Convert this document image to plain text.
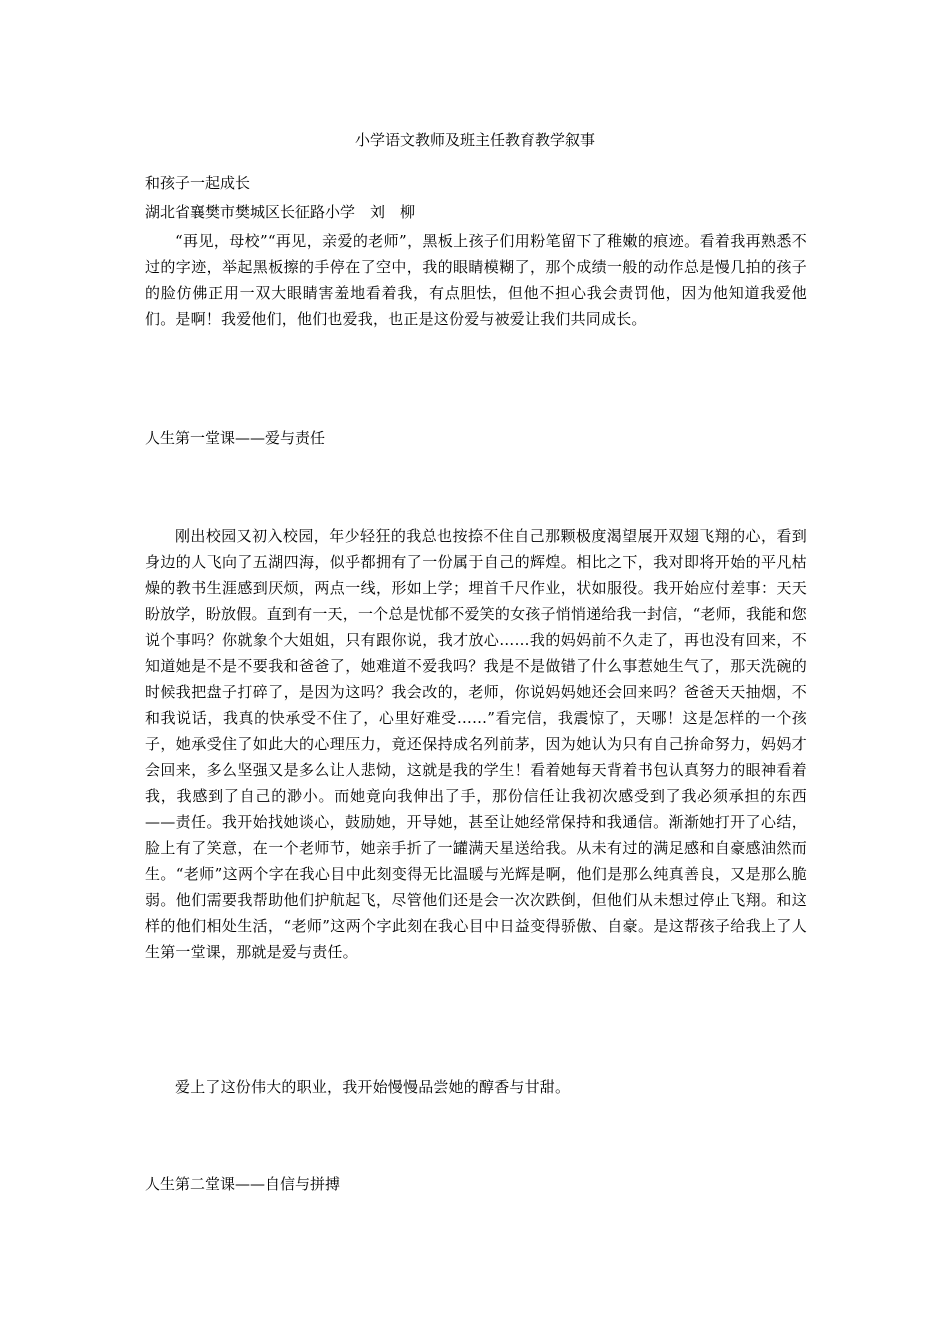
小学语文教师及班主任教育教学叙事

和孩子一起成长

湖北省襄樊市樊城区长征路小学　刘　柳

“再见，母校”“再见，亲爱的老师”，黑板上孩子们用粉笔留下了稚嫩的痕迹。看着我再熟悉不过的字迹，举起黑板擦的手停在了空中，我的眼睛模糊了，那个成绩一般的动作总是慢几拍的孩子的脸仿佛正用一双大眼睛害羞地看着我，有点胆怯，但他不担心我会责罚他，因为他知道我爱他们。是啊！我爱他们，他们也爱我，也正是这份爱与被爱让我们共同成长。

人生第一堂课——爱与责任

刚出校园又初入校园，年少轻狂的我总也按捺不住自己那颗极度渴望展开双翅飞翔的心，看到身边的人飞向了五湖四海，似乎都拥有了一份属于自己的辉煌。相比之下，我对即将开始的平凡枯燥的教书生涯感到厌烦，两点一线，形如上学；埋首千尺作业，状如服役。我开始应付差事：天天盼放学，盼放假。直到有一天，一个总是忧郁不爱笑的女孩子悄悄递给我一封信，“老师，我能和您说个事吗？你就象个大姐姐，只有跟你说，我才放心……我的妈妈前不久走了，再也没有回来，不知道她是不是不要我和爸爸了，她难道不爱我吗？我是不是做错了什么事惹她生气了，那天洗碗的时候我把盘子打碎了，是因为这吗？我会改的，老师，你说妈妈她还会回来吗？爸爸天天抽烟，不和我说话，我真的快承受不住了，心里好难受……”看完信，我震惊了，天哪！这是怎样的一个孩子，她承受住了如此大的心理压力，竟还保持成名列前茅，因为她认为只有自己拚命努力，妈妈才会回来，多么坚强又是多么让人悲恸，这就是我的学生！看着她每天背着书包认真努力的眼神看着我，我感到了自己的渺小。而她竟向我伸出了手，那份信任让我初次感受到了我必须承担的东西——责任。我开始找她谈心，鼓励她，开导她，甚至让她经常保持和我通信。渐渐她打开了心结，脸上有了笑意，在一个老师节，她亲手折了一罐满天星送给我。从未有过的满足感和自豪感油然而生。“老师”这两个字在我心目中此刻变得无比温暖与光辉是啊，他们是那么纯真善良，又是那么脆弱。他们需要我帮助他们护航起飞，尽管他们还是会一次次跌倒，但他们从未想过停止飞翔。和这样的他们相处生活，“老师”这两个字此刻在我心目中日益变得骄傲、自豪。是这帮孩子给我上了人生第一堂课，那就是爱与责任。

爱上了这份伟大的职业，我开始慢慢品尝她的醇香与甘甜。

人生第二堂课——自信与拼搏
